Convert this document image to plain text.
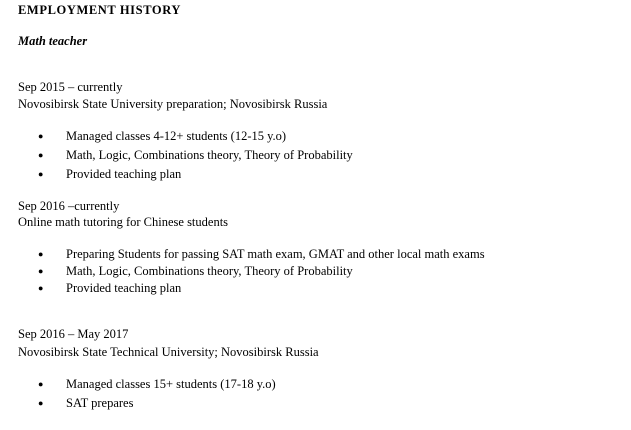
EMPLOYMENT HISTORY
Math teacher
Sep 2015 – currently
Novosibirsk State University preparation; Novosibirsk Russia
● Managed classes 4-12+ students (12-15 y.o)
● Math, Logic, Combinations theory, Theory of Probability
● Provided teaching plan
Sep 2016 –currently
Online math tutoring for Chinese students
● Preparing Students for passing SAT math exam, GMAT and other local math exams
● Math, Logic, Combinations theory, Theory of Probability
● Provided teaching plan
Sep 2016 – May 2017
Novosibirsk State Technical University; Novosibirsk Russia
● Managed classes 15+ students (17-18 y.o)
● SAT prepares
